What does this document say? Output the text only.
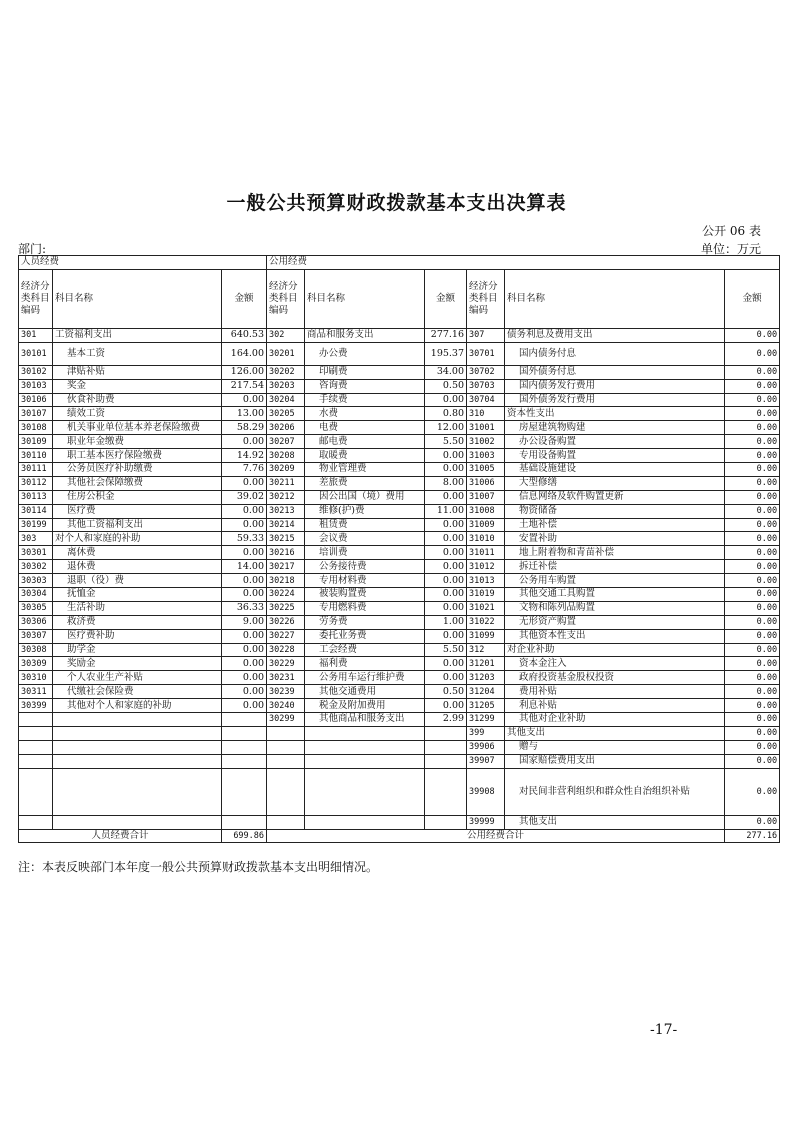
一般公共预算财政拨款基本支出决算表
公开 06 表
部门:	单位：万元
人员经费			公用经费					
经济分类科目编码	科目名称	金额	经济分类科目编码	科目名称	金额	经济分类科目编码	科目名称	金额
301	工资福利支出	640.53	302	商品和服务支出	277.16	307	债务利息及费用支出	0.00
30101	基本工资	164.00	30201	办公费	195.37	30701	国内债务付息	0.00
30102	津贴补贴	126.00	30202	印刷费	34.00	30702	国外债务付息	0.00
30103	奖金	217.54	30203	咨询费	0.50	30703	国内债务发行费用	0.00
30106	伙食补助费	0.00	30204	手续费	0.00	30704	国外债务发行费用	0.00
30107	绩效工资	13.00	30205	水费	0.80	310	资本性支出	0.00
30108	机关事业单位基本养老保险缴费	58.29	30206	电费	12.00	31001	房屋建筑物购建	0.00
30109	职业年金缴费	0.00	30207	邮电费	5.50	31002	办公设备购置	0.00
30110	职工基本医疗保险缴费	14.92	30208	取暖费	0.00	31003	专用设备购置	0.00
30111	公务员医疗补助缴费	7.76	30209	物业管理费	0.00	31005	基础设施建设	0.00
30112	其他社会保障缴费	0.00	30211	差旅费	8.00	31006	大型修缮	0.00
30113	住房公积金	39.02	30212	因公出国（境）费用	0.00	31007	信息网络及软件购置更新	0.00
30114	医疗费	0.00	30213	维修(护)费	11.00	31008	物资储备	0.00
30199	其他工资福利支出	0.00	30214	租赁费	0.00	31009	土地补偿	0.00
303	对个人和家庭的补助	59.33	30215	会议费	0.00	31010	安置补助	0.00
30301	离休费	0.00	30216	培训费	0.00	31011	地上附着物和青苗补偿	0.00
30302	退休费	14.00	30217	公务接待费	0.00	31012	拆迁补偿	0.00
30303	退职（役）费	0.00	30218	专用材料费	0.00	31013	公务用车购置	0.00
30304	抚恤金	0.00	30224	被装购置费	0.00	31019	其他交通工具购置	0.00
30305	生活补助	36.33	30225	专用燃料费	0.00	31021	文物和陈列品购置	0.00
30306	救济费	9.00	30226	劳务费	1.00	31022	无形资产购置	0.00
30307	医疗费补助	0.00	30227	委托业务费	0.00	31099	其他资本性支出	0.00
30308	助学金	0.00	30228	工会经费	5.50	312	对企业补助	0.00
30309	奖励金	0.00	30229	福利费	0.00	31201	资本金注入	0.00
30310	个人农业生产补贴	0.00	30231	公务用车运行维护费	0.00	31203	政府投资基金股权投资	0.00
30311	代缴社会保险费	0.00	30239	其他交通费用	0.50	31204	费用补贴	0.00
30399	其他对个人和家庭的补助	0.00	30240	税金及附加费用	0.00	31205	利息补贴	0.00
			30299	其他商品和服务支出	2.99	31299	其他对企业补助	0.00
						399	其他支出	0.00
						39906	赠与	0.00
						39907	国家赔偿费用支出	0.00
						39908	对民间非营利组织和群众性自治组织补贴	0.00
						39999	其他支出	0.00
人员经费合计		699.86	公用经费合计					277.16
注：本表反映部门本年度一般公共预算财政拨款基本支出明细情况。
-17-
